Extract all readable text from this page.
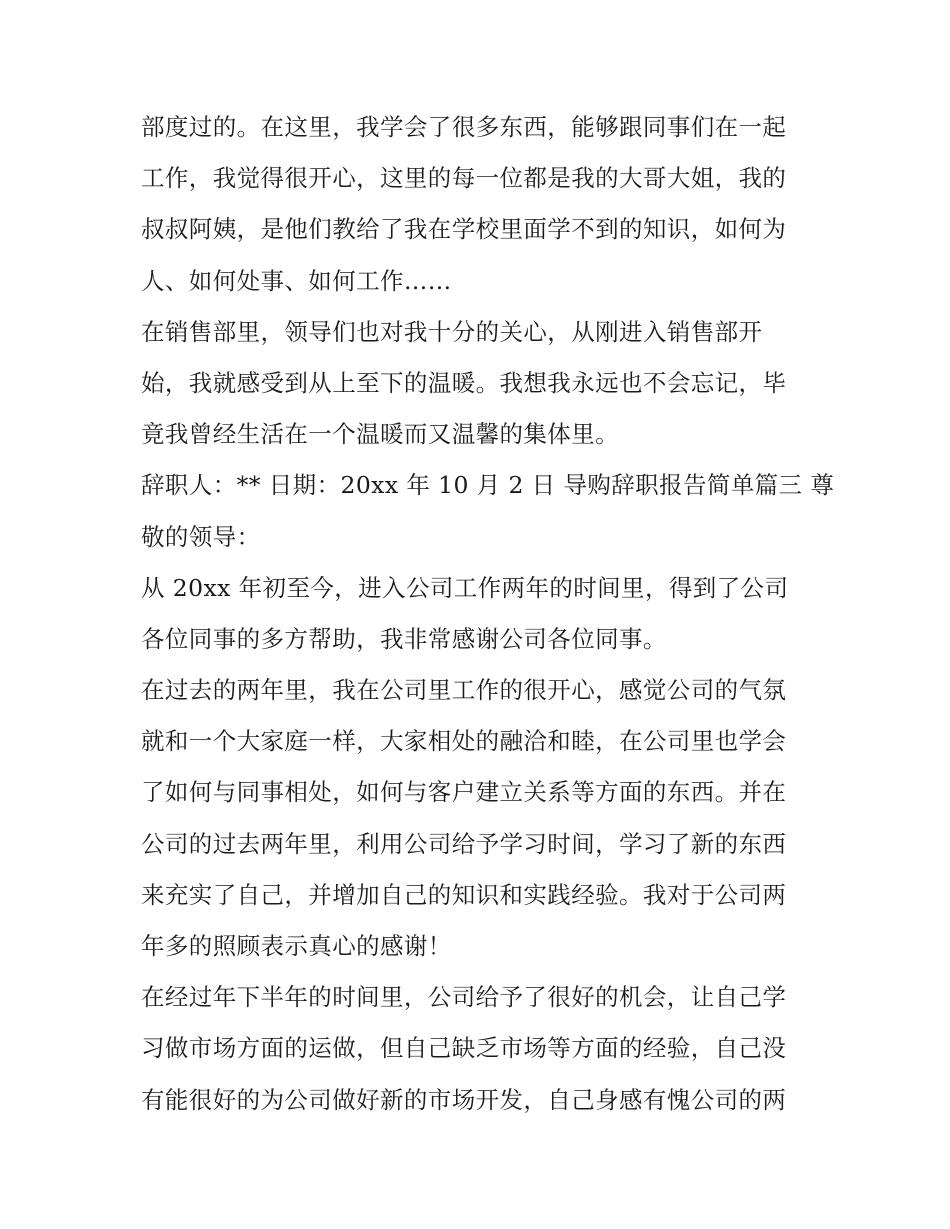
部度过的。在这里，我学会了很多东西，能够跟同事们在一起
工作，我觉得很开心，这里的每一位都是我的大哥大姐，我的
叔叔阿姨，是他们教给了我在学校里面学不到的知识，如何为
人、如何处事、如何工作……
在销售部里，领导们也对我十分的关心，从刚进入销售部开
始，我就感受到从上至下的温暖。我想我永远也不会忘记，毕
竟我曾经生活在一个温暖而又温馨的集体里。
辞职人：** 日期：20xx 年 10 月 2 日 导购辞职报告简单篇三 尊
敬的领导：
从 20xx 年初至今，进入公司工作两年的时间里，得到了公司
各位同事的多方帮助，我非常感谢公司各位同事。
在过去的两年里，我在公司里工作的很开心，感觉公司的气氛
就和一个大家庭一样，大家相处的融洽和睦，在公司里也学会
了如何与同事相处，如何与客户建立关系等方面的东西。并在
公司的过去两年里，利用公司给予学习时间，学习了新的东西
来充实了自己，并增加自己的知识和实践经验。我对于公司两
年多的照顾表示真心的感谢！
在经过年下半年的时间里，公司给予了很好的机会，让自己学
习做市场方面的运做，但自己缺乏市场等方面的经验，自己没
有能很好的为公司做好新的市场开发，自己身感有愧公司的两
